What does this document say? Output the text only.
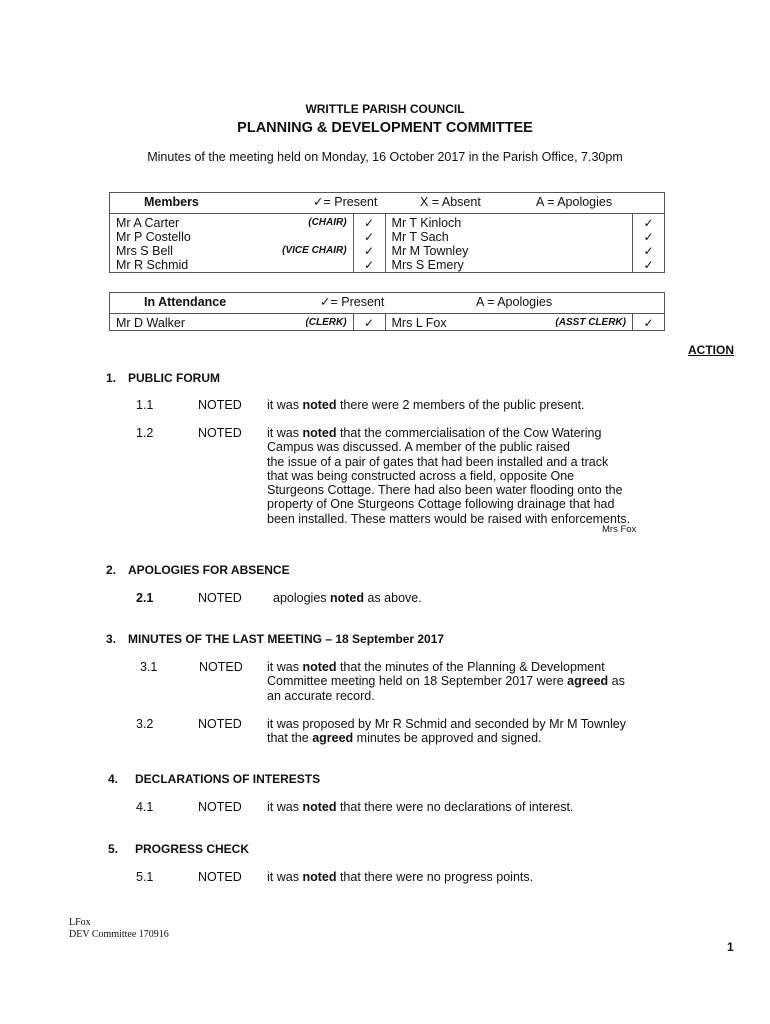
WRITTLE PARISH COUNCIL
PLANNING & DEVELOPMENT COMMITTEE
Minutes of the meeting held on Monday, 16 October 2017 in the Parish Office, 7.30pm
Members ✓= Present X = Absent A = Apologies					

Mr A Carter	(CHAIR)	✓	Mr T Kinloch		✓
Mr P Costello		✓	Mr T Sach		✓
Mrs S Bell	(VICE CHAIR)	✓	Mr M Townley		✓
Mr R Schmid		✓	Mrs S Emery		✓
In Attendance	✓= Present	A = Apologies

Mr D Walker	(CLERK)	✓	Mrs L Fox	(ASST CLERK)	✓
ACTION
1. PUBLIC FORUM
1.1	NOTED it was noted there were 2 members of the public present.
1.2	NOTED it was noted that the commercialisation of the Cow Watering
Campus was discussed. A member of the public raised
the issue of a pair of gates that had been installed and a track
that was being constructed across a field, opposite One
Sturgeons Cottage. There had also been water flooding onto the
property of One Sturgeons Cottage following drainage that had
been installed. These matters would be raised with enforcements.
Mrs Fox
2. APOLOGIES FOR ABSENCE
2.1	NOTED	apologies noted as above.
3. MINUTES OF THE LAST MEETING – 18 September 2017
3.1	NOTED it was noted that the minutes of the Planning & Development
Committee meeting held on 18 September 2017 were agreed as
an accurate record.
3.2	NOTED it was proposed by Mr R Schmid and seconded by Mr M Townley
that the agreed minutes be approved and signed.
4. DECLARATIONS OF INTERESTS
4.1	NOTED it was noted that there were no declarations of interest.
5. PROGRESS CHECK
5.1	NOTED it was noted that there were no progress points.
LFox
DEV Committee 170916
1
